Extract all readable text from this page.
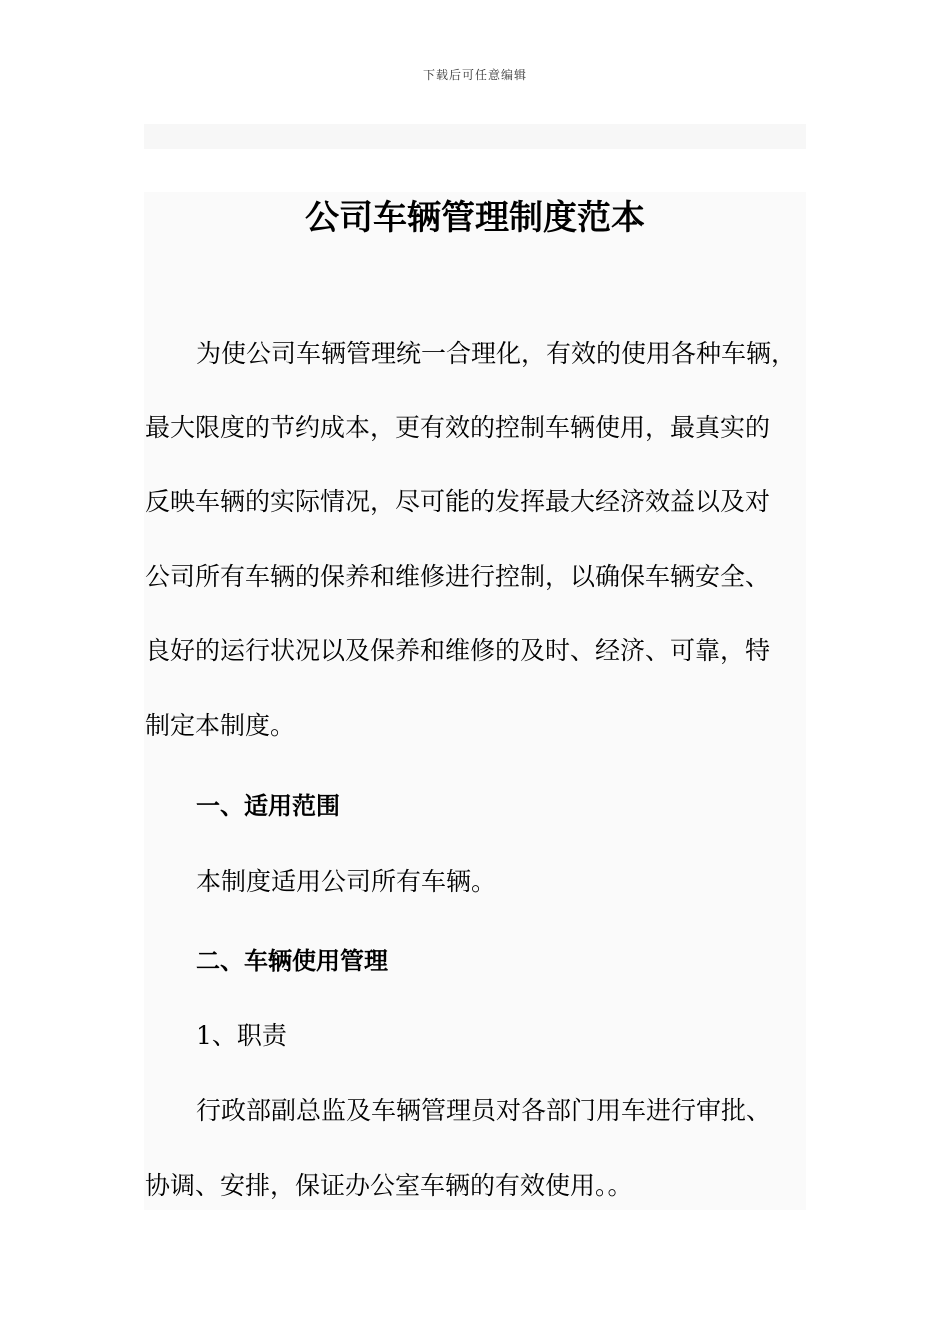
下载后可任意编辑
公司车辆管理制度范本

为使公司车辆管理统一合理化，有效的使用各种车辆，

最大限度的节约成本，更有效的控制车辆使用，最真实的

反映车辆的实际情况，尽可能的发挥最大经济效益以及对

公司所有车辆的保养和维修进行控制，以确保车辆安全、

良好的运行状况以及保养和维修的及时、经济、可靠，特

制定本制度。

一、适用范围

本制度适用公司所有车辆。

二、车辆使用管理

1、职责

行政部副总监及车辆管理员对各部门用车进行审批、

协调、安排，保证办公室车辆的有效使用。。
